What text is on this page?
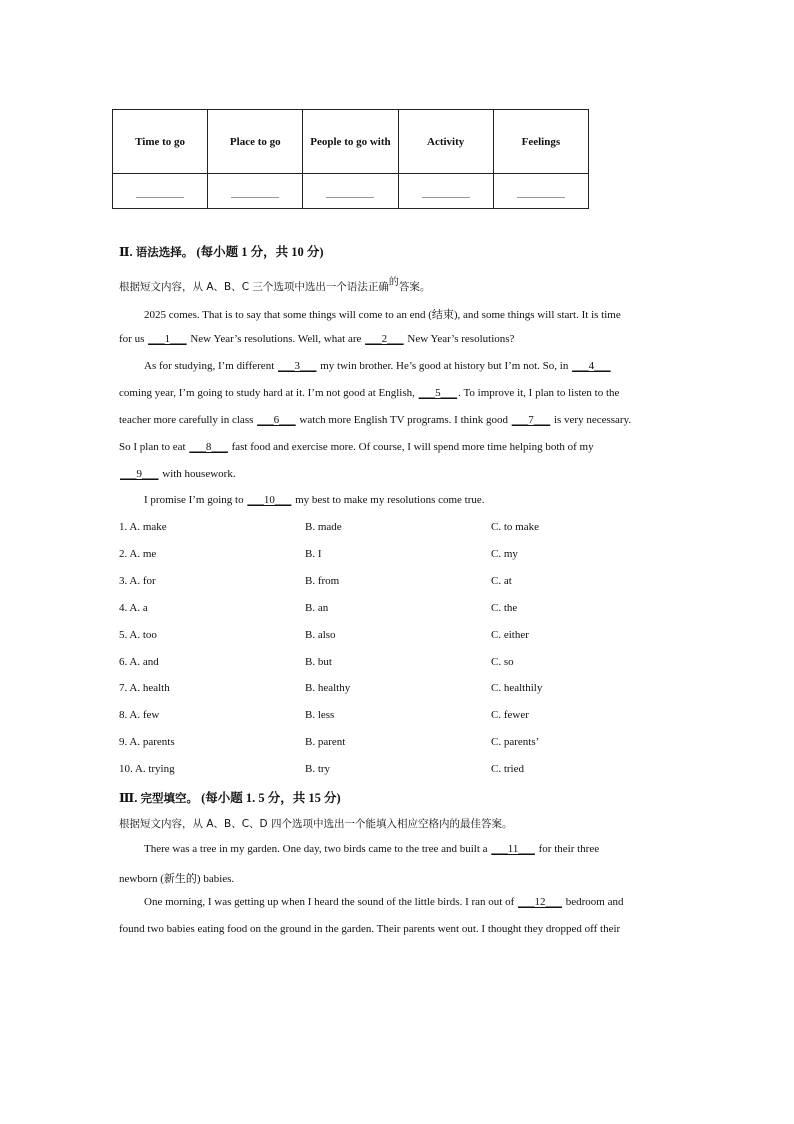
Time to go	Place to go	People to go with	Activity	Feelings

Ⅱ. 语法选择。 (每小题 1 分，共 10 分)
根据短文内容，从 A、B、C 三个选项中选出一个语法正确的答案。
2025 comes. That is to say that some things will come to an end (结束), and some things will start. It is time
for us ___1___ New Year’s resolutions. Well, what are ___2___ New Year’s resolutions?
As for studying, I’m different ___3___ my twin brother. He’s good at history but I’m not. So, in ___4___
coming year, I’m going to study hard at it. I’m not good at English, ___5___. To improve it, I plan to listen to the
teacher more carefully in class ___6___ watch more English TV programs. I think good ___7___ is very necessary.
So I plan to eat ___8___ fast food and exercise more. Of course, I will spend more time helping both of my
___9___ with housework.
I promise I’m going to ___10___ my best to make my resolutions come true.
1. A. make	B. made	C. to make
2. A. me	B. I	C. my
3. A. for	B. from	C. at
4. A. a	B. an	C. the
5. A. too	B. also	C. either
6. A. and	B. but	C. so
7. A. health	B. healthy	C. healthily
8. A. few	B. less	C. fewer
9. A. parents	B. parent	C. parents’
10. A. trying	B. try	C. tried
Ⅲ. 完型填空。 (每小题 1. 5 分，共 15 分)
根据短文内容，从 A、B、C、D 四个选项中选出一个能填入相应空格内的最佳答案。
There was a tree in my garden. One day, two birds came to the tree and built a ___11___ for their three
newborn (新生的) babies.
One morning, I was getting up when I heard the sound of the little birds. I ran out of ___12___ bedroom and
found two babies eating food on the ground in the garden. Their parents went out. I thought they dropped off their
